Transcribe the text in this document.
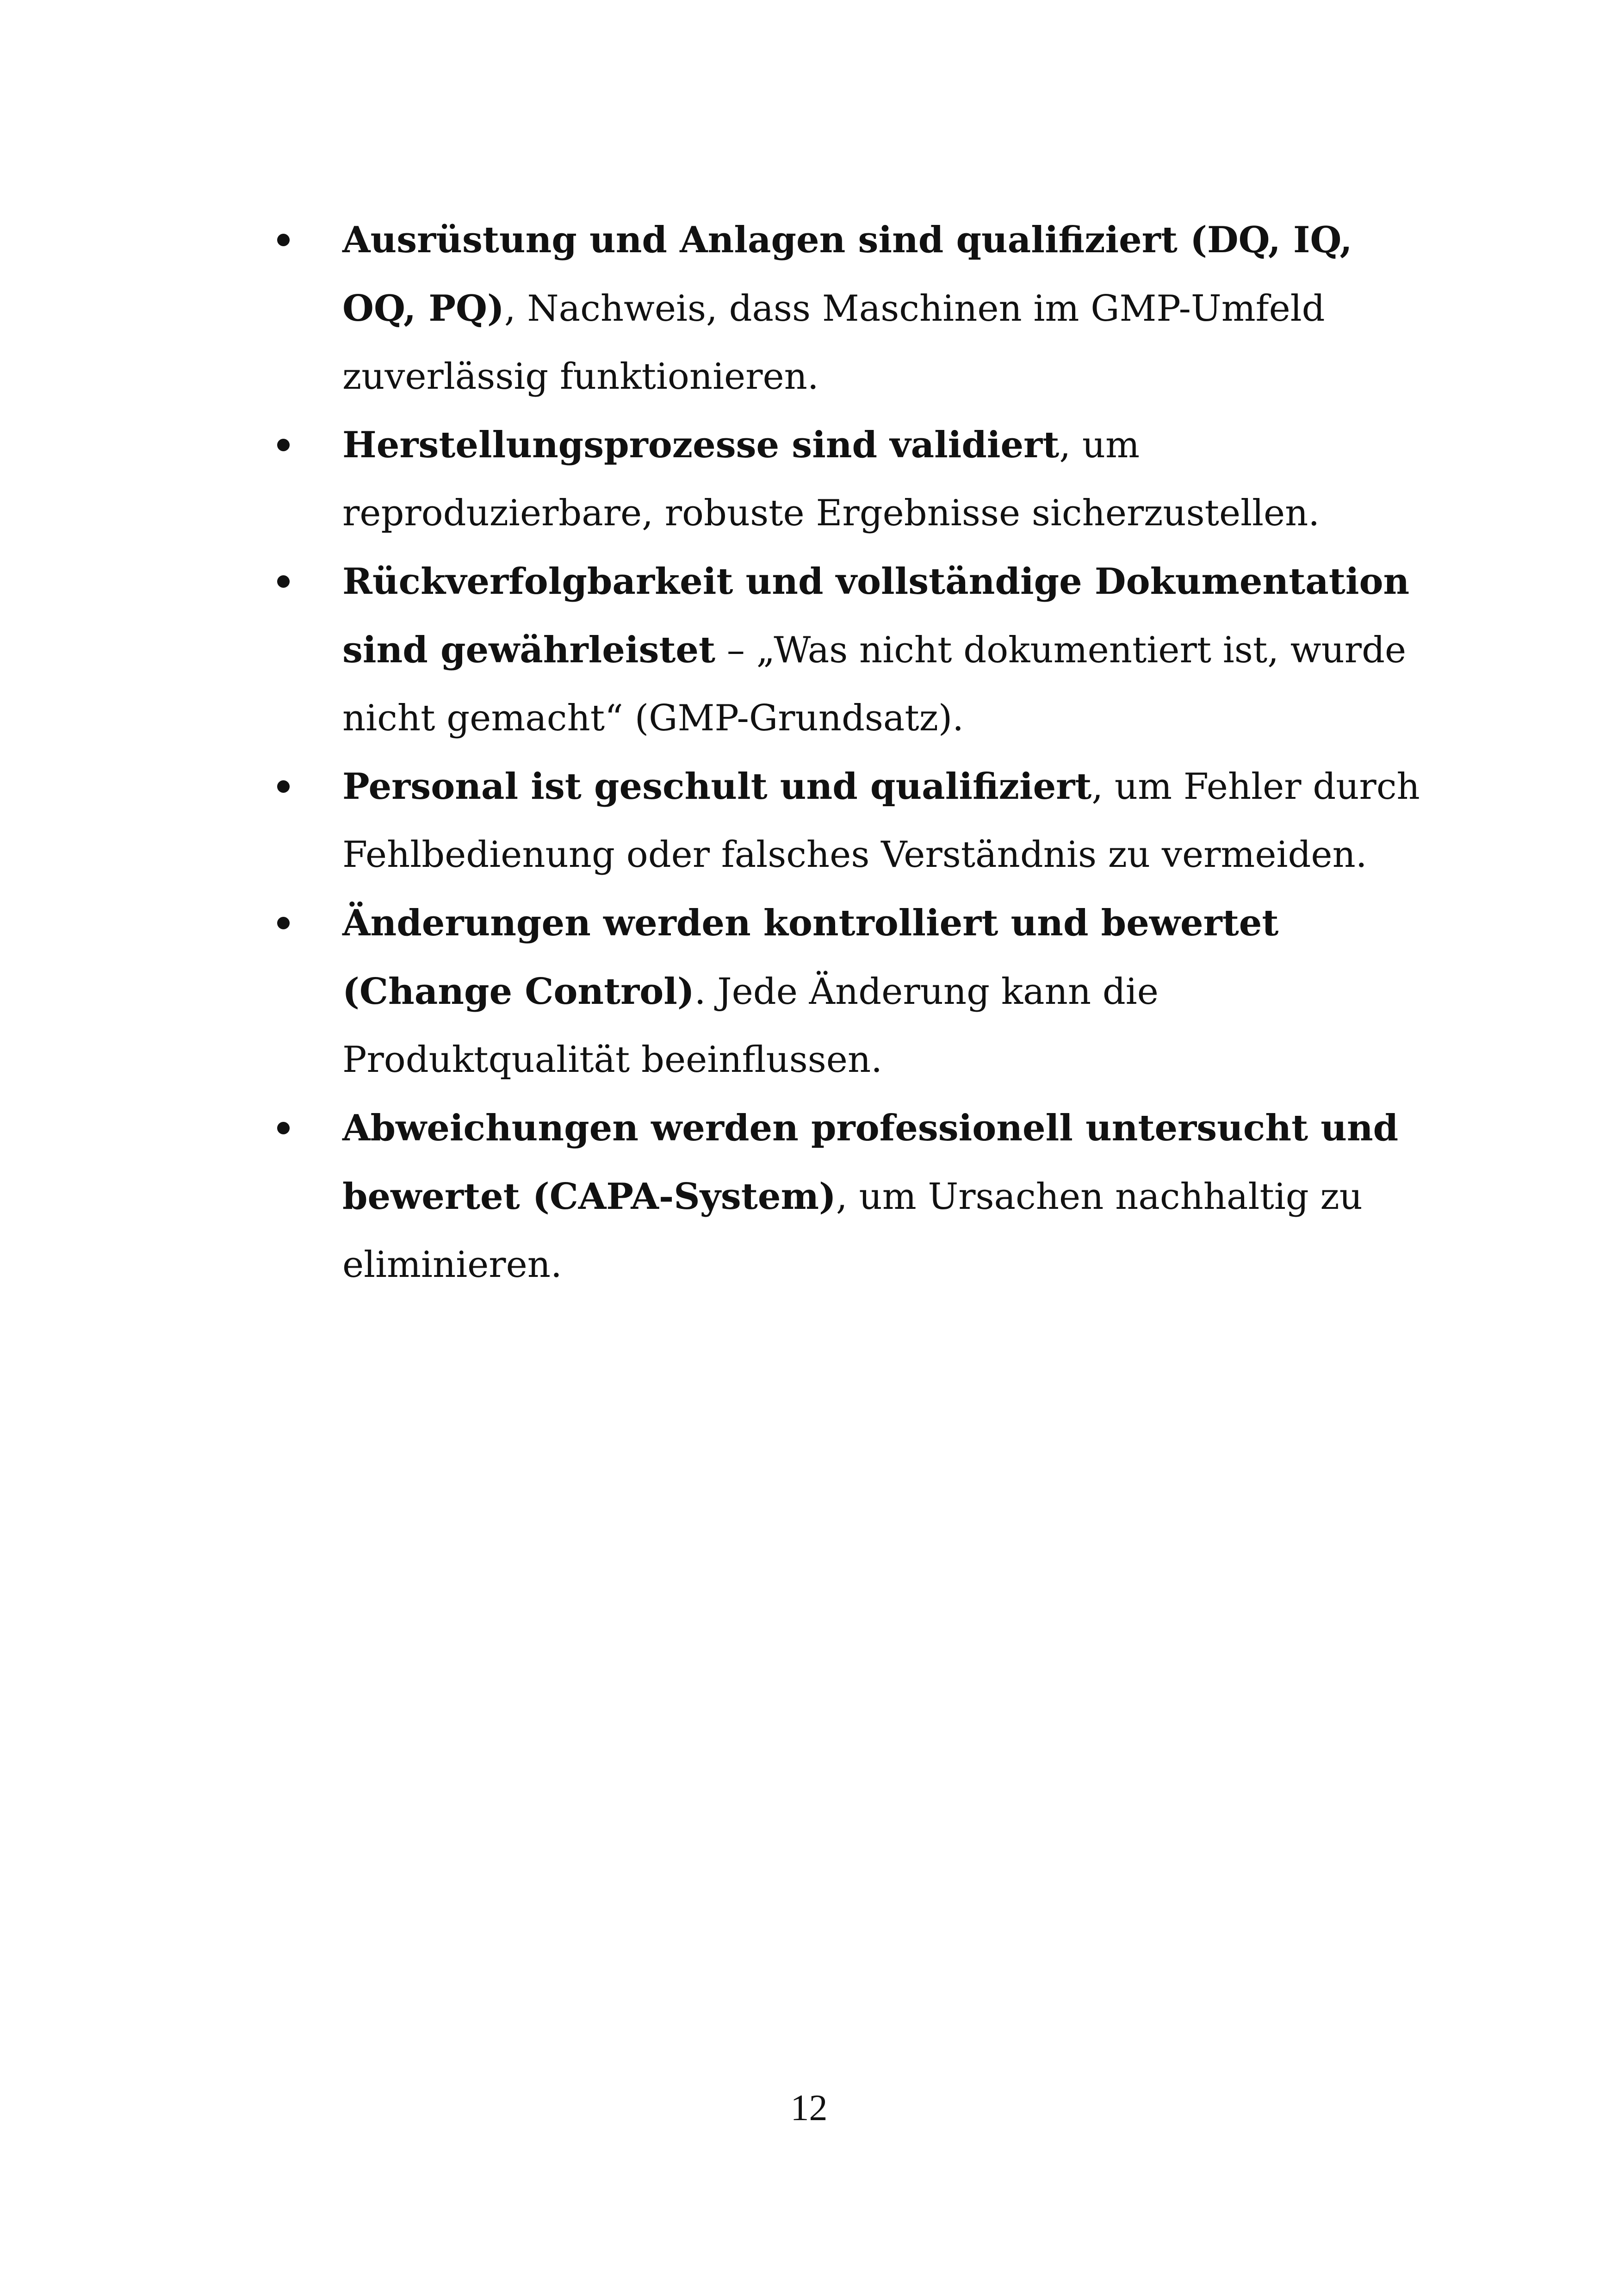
Ausrüstung und Anlagen sind qualifiziert (DQ, IQ, OQ, PQ), Nachweis, dass Maschinen im GMP-Umfeld zuverlässig funktionieren.
Herstellungsprozesse sind validiert, um reproduzierbare, robuste Ergebnisse sicherzustellen.
Rückverfolgbarkeit und vollständige Dokumentation sind gewährleistet – „Was nicht dokumentiert ist, wurde nicht gemacht“ (GMP-Grundsatz).
Personal ist geschult und qualifiziert, um Fehler durch Fehlbedienung oder falsches Verständnis zu vermeiden.
Änderungen werden kontrolliert und bewertet (Change Control). Jede Änderung kann die Produktqualität beeinflussen.
Abweichungen werden professionell untersucht und bewertet (CAPA-System), um Ursachen nachhaltig zu eliminieren.
12
